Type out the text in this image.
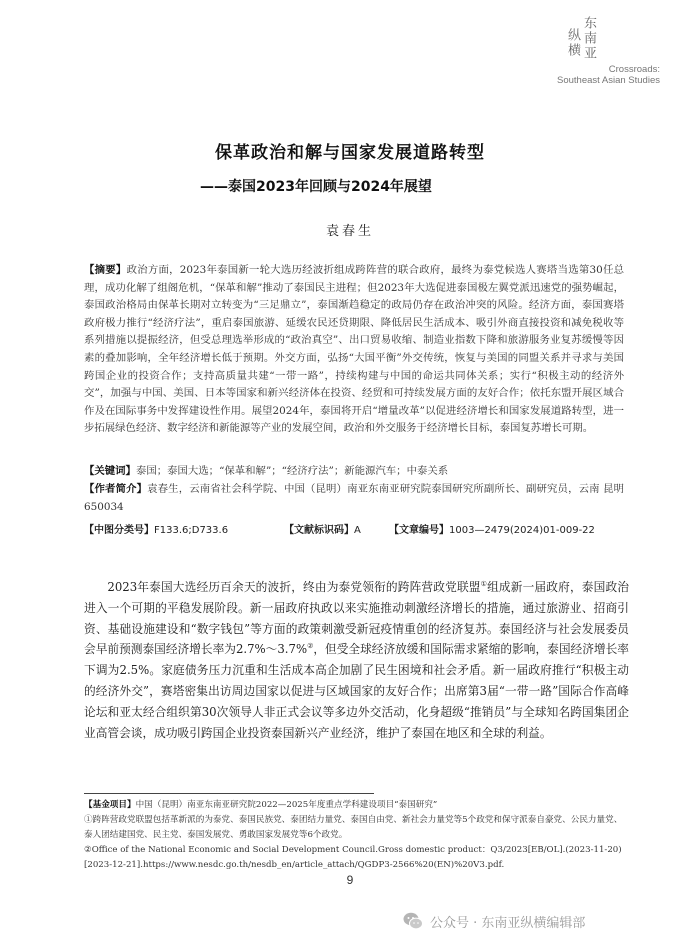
纵横 东南亚
Crossroads:
Southeast Asian Studies
保革政治和解与国家发展道路转型
——泰国2023年回顾与2024年展望
袁春生
【摘要】政治方面，2023年泰国新一轮大选历经波折组成跨阵营的联合政府，最终为泰党候选人赛塔当选第30任总理，成功化解了组阁危机，“保革和解”推动了泰国民主进程；但2023年大选促进泰国极左翼党派迅速党的强势崛起，泰国政治格局由保革长期对立转变为“三足鼎立”，泰国渐趋稳定的政局仍存在政治冲突的风险。经济方面，泰国赛塔政府极力推行“经济疗法”，重启泰国旅游、延缓农民还贷期限、降低居民生活成本、吸引外商直接投资和减免税收等系列措施以提振经济，但受总理选举形成的“政治真空”、出口贸易收缩、制造业指数下降和旅游服务业复苏缓慢等因素的叠加影响，全年经济增长低于预期。外交方面，弘扬“大国平衡”外交传统，恢复与美国的同盟关系并寻求与美国跨国企业的投资合作；支持高质量共建“一带一路”，持续构建与中国的命运共同体关系；实行“积极主动的经济外交”，加强与中国、美国、日本等国家和新兴经济体在投资、经贸和可持续发展方面的友好合作；依托东盟开展区域合作及在国际事务中发挥建设性作用。展望2024年，泰国将开启“增量改革”以促进经济增长和国家发展道路转型，进一步拓展绿色经济、数字经济和新能源等产业的发展空间，政治和外交服务于经济增长目标，泰国复苏增长可期。
【关键词】泰国；泰国大选；“保革和解”；“经济疗法”；新能源汽车；中泰关系
【作者简介】袁春生，云南省社会科学院、中国（昆明）南亚东南亚研究院泰国研究所副所长、副研究员，云南 昆明 650034
【中图分类号】F133.6;D733.6	【文献标识码】A	【文章编号】1003—2479(2024)01-009-22
2023年泰国大选经历百余天的波折，终由为泰党领衔的跨阵营政党联盟①组成新一届政府，泰国政治进入一个可期的平稳发展阶段。新一届政府执政以来实施推动刺激经济增长的措施，通过旅游业、招商引资、基础设施建设和“数字钱包”等方面的政策刺激受新冠疫情重创的经济复苏。泰国经济与社会发展委员会早前预测泰国经济增长率为2.7%～3.7%②，但受全球经济放缓和国际需求紧缩的影响，泰国经济增长率下调为2.5%。家庭债务压力沉重和生活成本高企加剧了民生困境和社会矛盾。新一届政府推行“积极主动的经济外交”，赛塔密集出访周边国家以促进与区域国家的友好合作；出席第3届“一带一路”国际合作高峰论坛和亚太经合组织第30次领导人非正式会议等多边外交活动，化身超级“推销员”与全球知名跨国集团企业高管会谈，成功吸引跨国企业投资泰国新兴产业经济，维护了泰国在地区和全球的利益。
【基金项目】中国（昆明）南亚东南亚研究院2022—2025年度重点学科建设项目“泰国研究”
①跨阵营政党联盟包括革新派的为泰党、泰国民族党、泰团结力量党、泰国自由党、新社会力量党等5个政党和保守派泰自豪党、公民力量党、泰人团结建国党、民主党、泰国发展党、勇敢国家发展党等6个政党。
②Office of the National Economic and Social Development Council.Gross domestic product：Q3/2023[EB/OL].(2023-11-20)[2023-12-21].https://www.nesdc.go.th/nesdb_en/article_attach/QGDP3-2566%20(EN)%20V3.pdf.
9
公众号 · 东南亚纵横编辑部
